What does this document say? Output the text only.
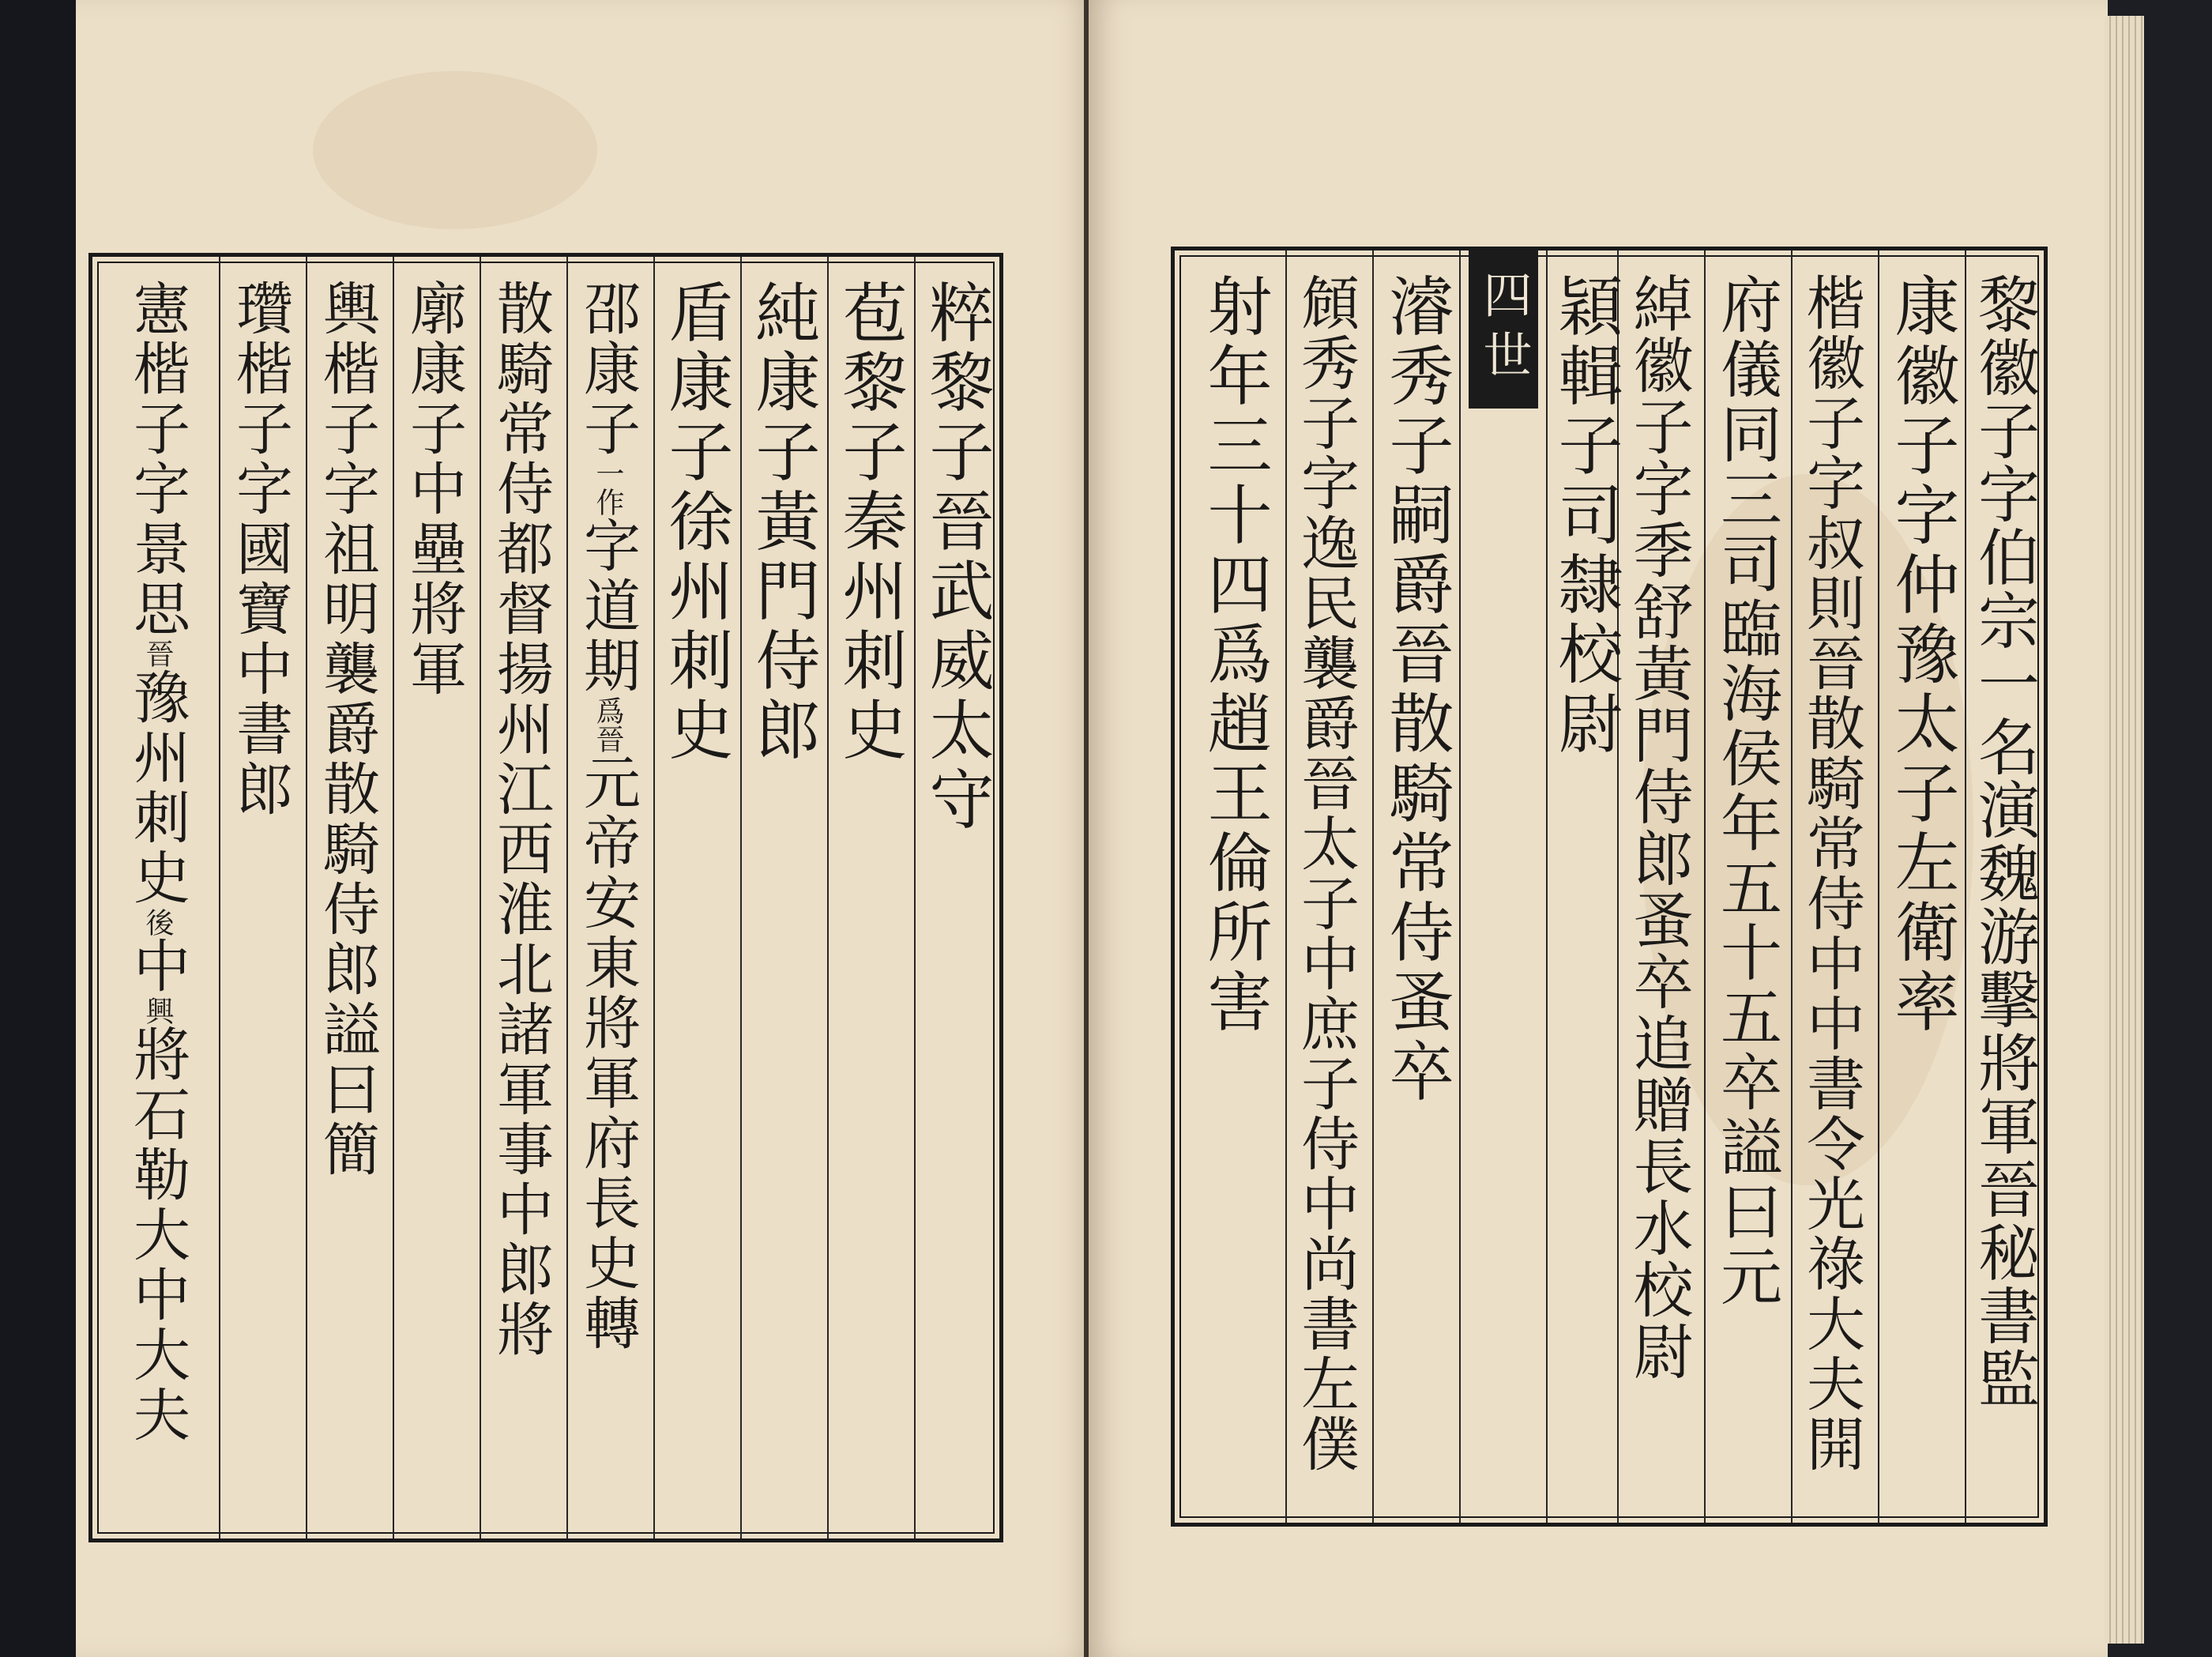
粹黎子晉武威太守
苞黎子秦州刺史
純康子黃門侍郎
盾康子徐州刺史
邵康子一作字道期爲晉元帝安東將軍府長史轉
散騎常侍都督揚州江西淮北諸軍事中郎將
廓康子中壘將軍
輿楷子字祖明襲爵散騎侍郎謚曰簡
瓚楷子字國寶中書郎
憲楷子字景思晉豫州刺史後中興將石勒大中大夫	黎徽子字伯宗一名演魏游擊將軍晉秘書監
康徽子字仲豫太子左衛率
楷徽子字叔則晉散騎常侍中中書令光祿大夫開
府儀同三司臨海侯年五十五卒謚曰元
綽徽子字季舒黃門侍郎蚤卒追贈長水校尉
穎輯子司隸校尉
四世
濬秀子嗣爵晉散騎常侍蚤卒
頠秀子字逸民襲爵晉太子中庶子侍中尚書左僕
射年三十四爲趙王倫所害
